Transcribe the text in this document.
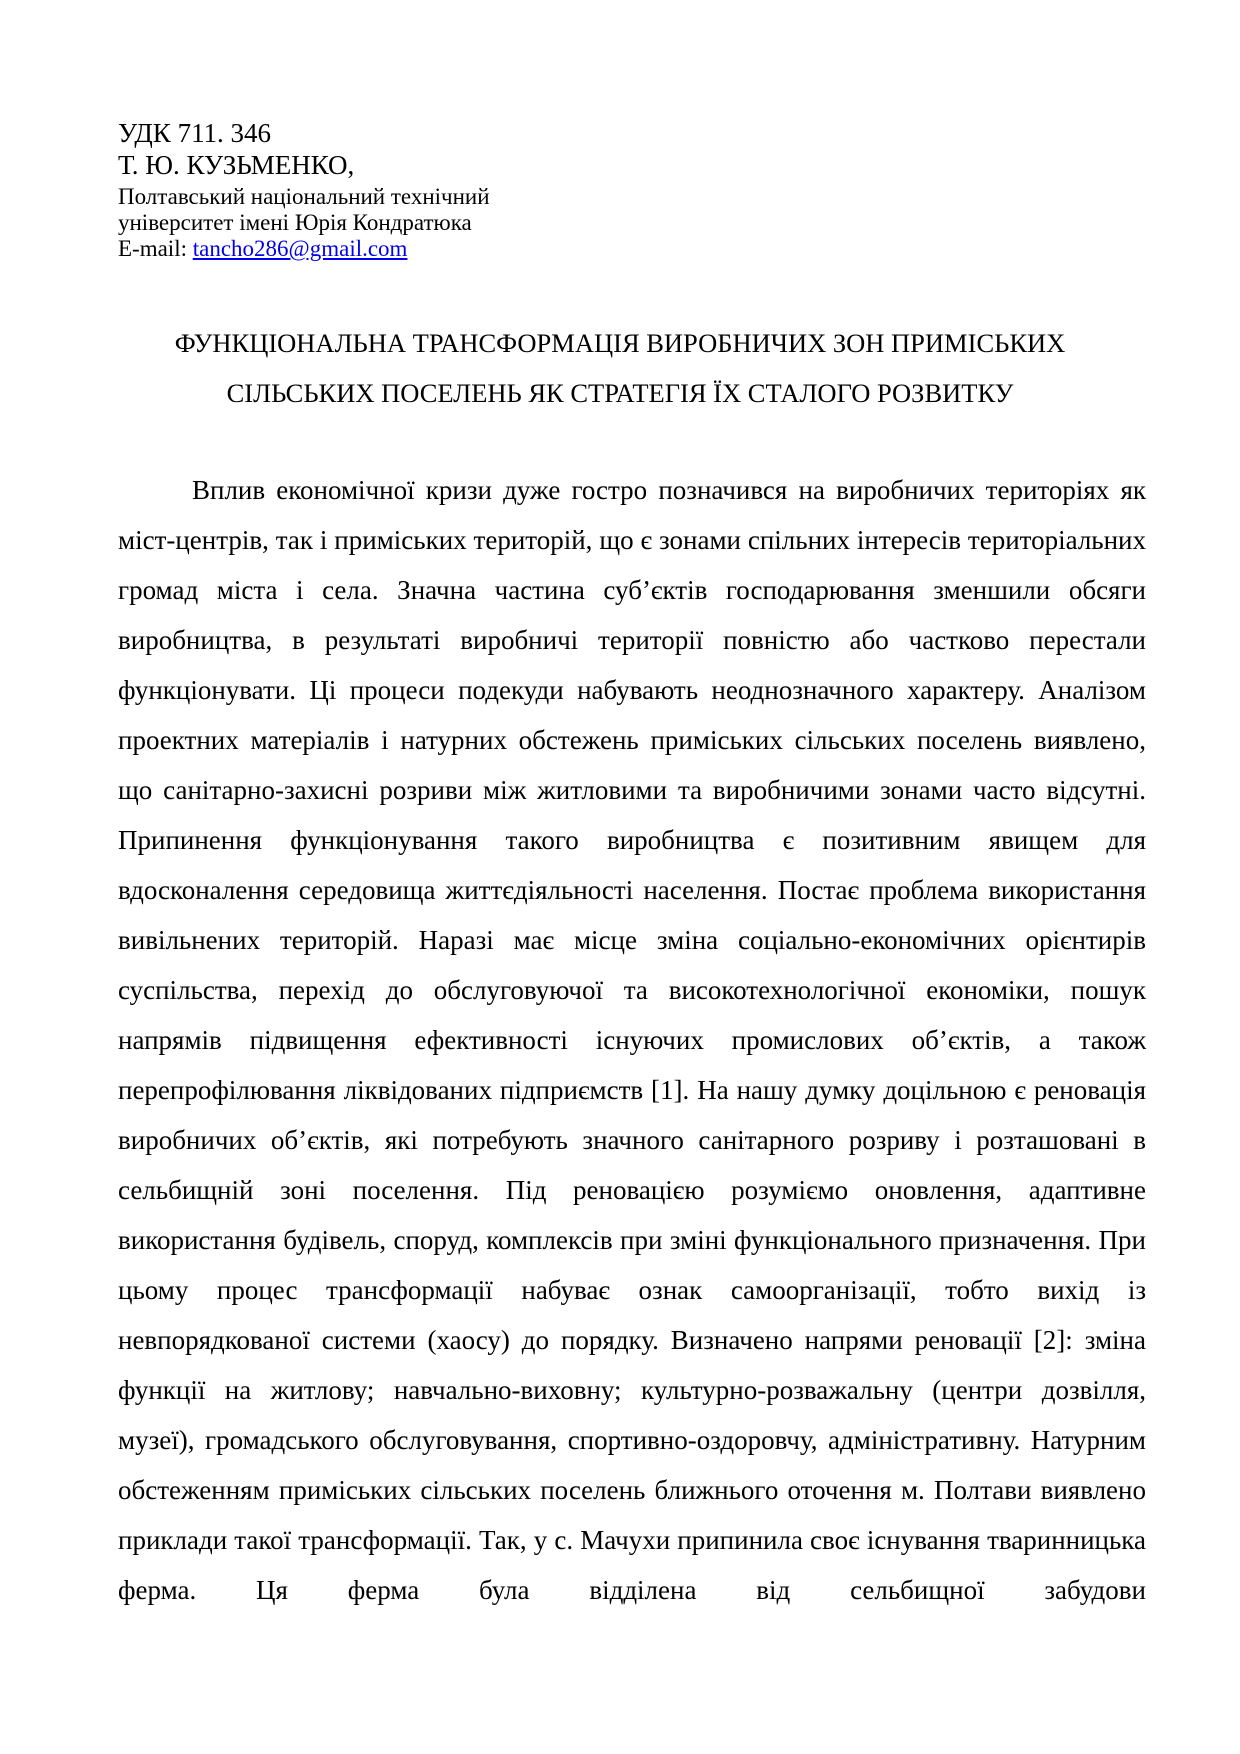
УДК 711. 346

Т. Ю. КУЗЬМЕНКО,

Полтавський національний технічний

університет імені Юрія Кондратюка

E-mail: tancho286@gmail.com

ФУНКЦІОНАЛЬНА ТРАНСФОРМАЦІЯ ВИРОБНИЧИХ ЗОН ПРИМІСЬКИХ
СІЛЬСЬКИХ ПОСЕЛЕНЬ ЯК СТРАТЕГІЯ ЇХ СТАЛОГО РОЗВИТКУ

Вплив економічної кризи дуже гостро позначився на виробничих територіях як міст-центрів, так і приміських територій, що є зонами спільних інтересів територіальних громад міста і села. Значна частина суб’єктів господарювання зменшили обсяги виробництва, в результаті виробничі території повністю або частково перестали функціонувати. Ці процеси подекуди набувають неоднозначного характеру. Аналізом проектних матеріалів і натурних обстежень приміських сільських поселень виявлено, що санітарно-захисні розриви між житловими та виробничими зонами часто відсутні. Припинення функціонування такого виробництва є позитивним явищем для вдосконалення середовища життєдіяльності населення. Постає проблема використання вивільнених територій. Наразі має місце зміна соціально-економічних орієнтирів суспільства, перехід до обслуговуючої та високотехнологічної економіки, пошук напрямів підвищення ефективності існуючих промислових об’єктів, а також перепрофілювання ліквідованих підприємств [1]. На нашу думку доцільною є реновація виробничих об’єктів, які потребують значного санітарного розриву і розташовані в сельбищній зоні поселення. Під реновацією розуміємо оновлення, адаптивне використання будівель, споруд, комплексів при зміні функціонального призначення. При цьому процес трансформації набуває ознак самоорганізації, тобто вихід із невпорядкованої системи (хаосу) до порядку. Визначено напрями реновації [2]: зміна функції на житлову; навчально-виховну; культурно-розважальну (центри дозвілля, музеї), громадського обслуговування, спортивно-оздоровчу, адміністративну. Натурним обстеженням приміських сільських поселень ближнього оточення м. Полтави виявлено приклади такої трансформації. Так, у с. Мачухи припинила своє існування тваринницька ферма. Ця ферма була відділена від сельбищної забудови
